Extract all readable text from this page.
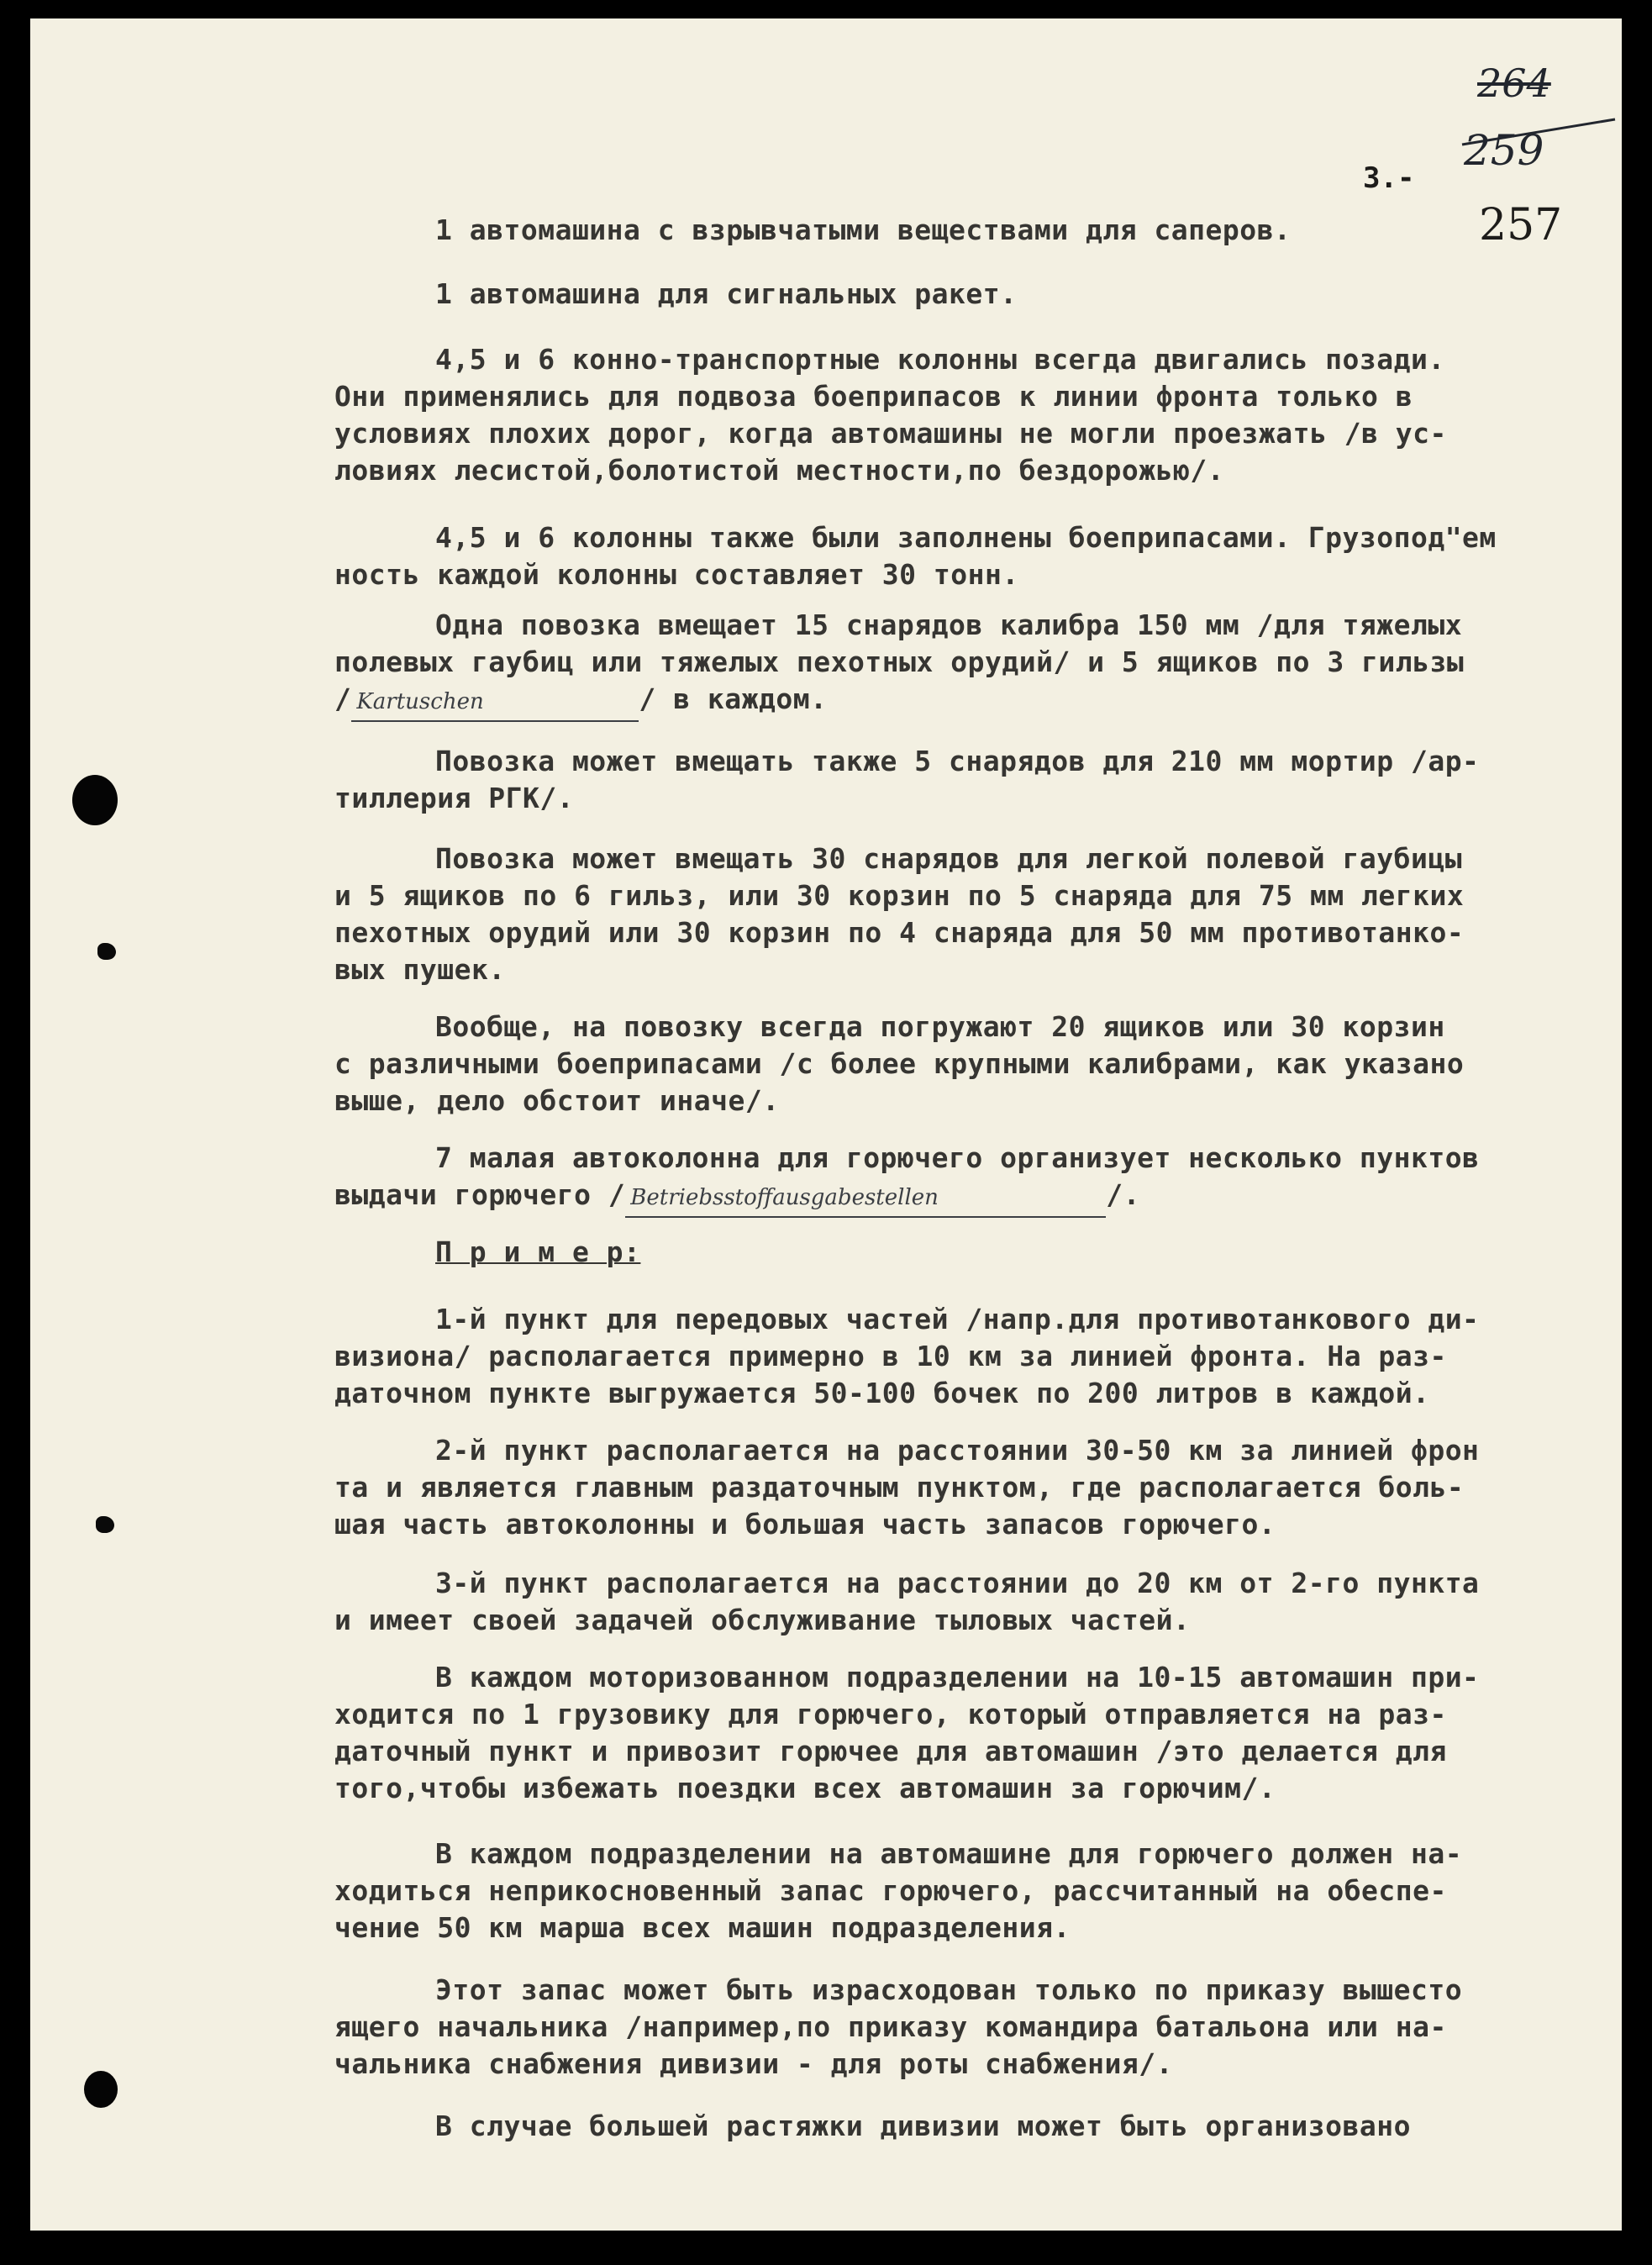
264
3.-
259
257
1 автомашина с взрывчатыми веществами для саперов.
1 автомашина для сигнальных ракет.
4,5 и 6 конно-транспортные колонны всегда двигались позади.
Они применялись для подвоза боеприпасов к линии фронта только в
условиях плохих дорог, когда автомашины не могли проезжать /в ус-
ловиях лесистой,болотистой местности,по бездорожью/.
4,5 и 6 колонны также были заполнены боеприпасами. Грузопод"ем
ность каждой колонны составляет 30 тонн.
Одна повозка вмещает 15 снарядов калибра 150 мм /для тяжелых
полевых гаубиц или тяжелых пехотных орудий/ и 5 ящиков по 3 гильзы
/ Kartuschen	/ в каждом.
Повозка может вмещать также 5 снарядов для 210 мм мортир /ар-
тиллерия РГК/.
Повозка может вмещать 30 снарядов для легкой полевой гаубицы
и 5 ящиков по 6 гильз, или 30 корзин по 5 снаряда для 75 мм легких
пехотных орудий или 30 корзин по 4 снаряда для 50 мм противотанко-
вых пушек.
Вообще, на повозку всегда погружают 20 ящиков или 30 корзин
с различными боеприпасами /с более крупными калибрами, как указано
выше, дело обстоит иначе/.
7 малая автоколонна для горючего организует несколько пунктов
выдачи горючего / Betriebsstoffausgabestellen	/.
П р и м е р:
1-й пункт для передовых частей /напр.для противотанкового ди-
визиона/ располагается примерно в 10 км за линией фронта. На раз-
даточном пункте выгружается 50-100 бочек по 200 литров в каждой.
2-й пункт располагается на расстоянии 30-50 км за линией фрон
та и является главным раздаточным пунктом, где располагается боль-
шая часть автоколонны и большая часть запасов горючего.
3-й пункт располагается на расстоянии до 20 км от 2-го пункта
и имеет своей задачей обслуживание тыловых частей.
В каждом моторизованном подразделении на 10-15 автомашин при-
ходится по 1 грузовику для горючего, который отправляется на раз-
даточный пункт и привозит горючее для автомашин /это делается для
того,чтобы избежать поездки всех автомашин за горючим/.
В каждом подразделении на автомашине для горючего должен на-
ходиться неприкосновенный запас горючего, рассчитанный на обеспе-
чение 50 км марша всех машин подразделения.
Этот запас может быть израсходован только по приказу вышесто
ящего начальника /например,по приказу командира батальона или на-
чальника снабжения дивизии - для роты снабжения/.
В случае большей растяжки дивизии может быть организовано
